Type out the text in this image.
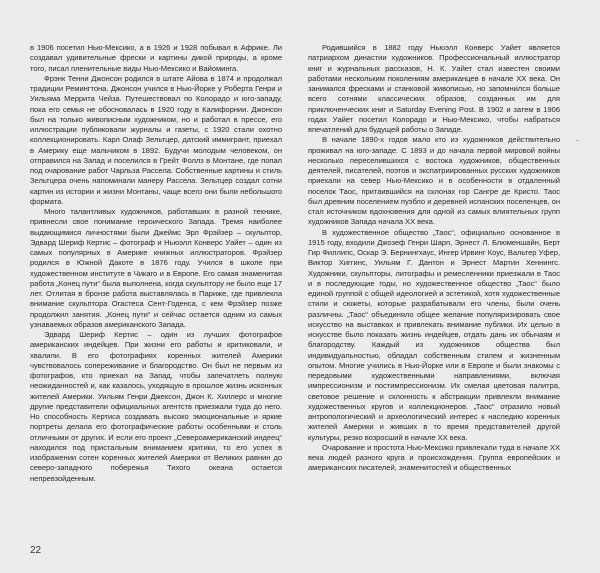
в 1906 посетил Нью-Мексико, а в 1926 и 1928 побывал в Африке. Ли создавал удивительные фрески и картины дикой природы, а кроме того, писал пленительные виды Нью-Мексико и Вайоминга.

Фрэнк Тенни Джонсон родился в штате Айова в 1874 и продолжал традиции Ремингтона. Джонсон учился в Нью-Йорке у Роберта Генри и Уильяма Меррита Чейза. Путешествовал по Колорадо и юго-западу, пока его семья не обосновалась в 1920 году в Калифорнии. Джонсон был на только живописным художником, но и работал в прессе, его иллюстрации публиковали журналы и газеты, с 1920 стали охотно коллекционировать. Карл Олаф Зельтцер, датский иммигрант, приехал в Америку еще мальчиком в 1892. Будучи молодым человеком, он отправился на Запад и поселился в Грейт Фоллз в Монтане, где попал под очарование работ Чарльза Рассела. Собственные картины и стиль Зельтцера очень напоминали манеру Рассела. Зельтцер создал сотни картин из истории и жизни Монтаны, чаще всего они были небольшого формата.

Много талантливых художников, работавших в разной технике, привнесли свое понимание героического Запада. Тремя наиболее выдающимися личностями были Джеймс Эрл Фрэйзер – скульптор, Эдвард Шериф Кертис – фотограф и Ньюэлл Конверс Уайет – один из самых популярных в Америке книжных иллюстраторов. Фрэйзер родился в Южной Дакоте в 1876 году. Учился в школе при художественном институте в Чикаго и в Европе. Его самая знаменитая работа „Конец пути“ была выполнена, когда скульптору не было еще 17 лет. Отлитая в бронзе работа выставлялась в Париже, где привлекла внимание скульптора Огастеса Сент-Годенса, с кем Фрэйзер позже продолжил занятия. „Конец пути“ и сейчас остается одним из самых узнаваемых образов американского Запада.

Эдвард Шериф Кертис – один из лучших фотографов американских индейцев. При жизни его работы и критиковали, и хвалили. В его фотографиях коренных жителей Америки чувствовалось сопереживание и благородство. Он был не первым из фотографов, кто приехал на Запад, чтобы запечатлеть полную неожиданностей и, как казалось, уходящую в прошлое жизнь исконных жителей Америки. Уильям Генри Джексон, Джон К. Хиллерс и многие другие представители официальных агентств приезжали туда до него. Но способность Кертиса создавать высоко эмоциональные и яркие портреты делала его фотографические работы особенными и столь отличными от других. И если его проект „Североамериканский индеец“ находился под пристальным вниманием критики, то его успех в изображении сотен коренных жителей Америки от Великих равнин до северо-западного побережья Тихого океана остается непревзойденным.

Родившийся в 1882 году Ньюэлл Конверс Уайет является патриархом династии художников. Профессиональный иллюстратор книг и журнальных рассказов, Н. К. Уайет стал известен своими работами нескольким поколениям американцев в начале XX века. Он занимался фресками и станковой живописью, но запомнился больше всего сотнями классических образов, созданных им для приключенческих книг и Saturday Evening Post. В 1902 и затем в 1906 годах Уайет посетил Колорадо и Нью-Мексико, чтобы набраться впечатлений для будущей работы о Западе.

В начале 1890-х годов мало кто из художников действительно проживал на юго-западе. С 1893 и до начала первой мировой войны несколько переселившихся с востока художников, общественных деятелей, писателей, поэтов и экспатриированных русских художников приехали на север Нью-Мексико и в особенности в отдаленный поселок Таос, притаившийся на склонах гор Сангре де Кристо. Таос был древним поселением пуэбло и деревней испанских поселенцев, он стал источником вдохновения для одной из самых влиятельных групп художников Запада начала XX века.

В художественное общество „Таос“, официально основанное в 1915 году, входили Джозеф Генри Шарп, Эрнест Л. Блюменшайн, Берт Гир Филлипс, Оскар Э. Бернингхаус, Ингер Ирвинг Коус, Вальтер Уфер, Виктор Хиггинс, Уильям Г. Дантон и Эрнест Мартин Хеннингс. Художники, скульпторы, литографы и ремесленники приезжали в Таос и в последующие годы, но художественное общество „Таос“ было единой группой с общей идеологией и эстетикой, хотя художественные стили и сюжеты, которые разрабатывали его члены, были очень различны. „Таос“ объединяло общее желание популяризировать свое искусство на выставках и привлекать внимание публики. Их целью в искусстве было показать жизнь индейцев, отдать дань их обычаям и благородству. Каждый из художников общества был индивидуальностью, обладал собственным стилем и жизненным опытом. Многие учились в Нью-Йорке или в Европе и были знакомы с передовыми художественными направлениями, включая импрессионизм и постимпрессионизм. Их смелая цветовая палитра, световое решение и склонность к абстракции привлекли внимание художественных кругов и коллекционеров. „Таос“ отразило новый антропологический и археологический интерес к наследию коренных жителей Америки и живших в то время представителей другой культуры, резко возросший в начале XX века.

Очарование и простота Нью-Мексико привлекали туда в начале XX века людей разного круга и происхождения. Группа европейских и американских писателей, знаменитостей и общественных

-
22
